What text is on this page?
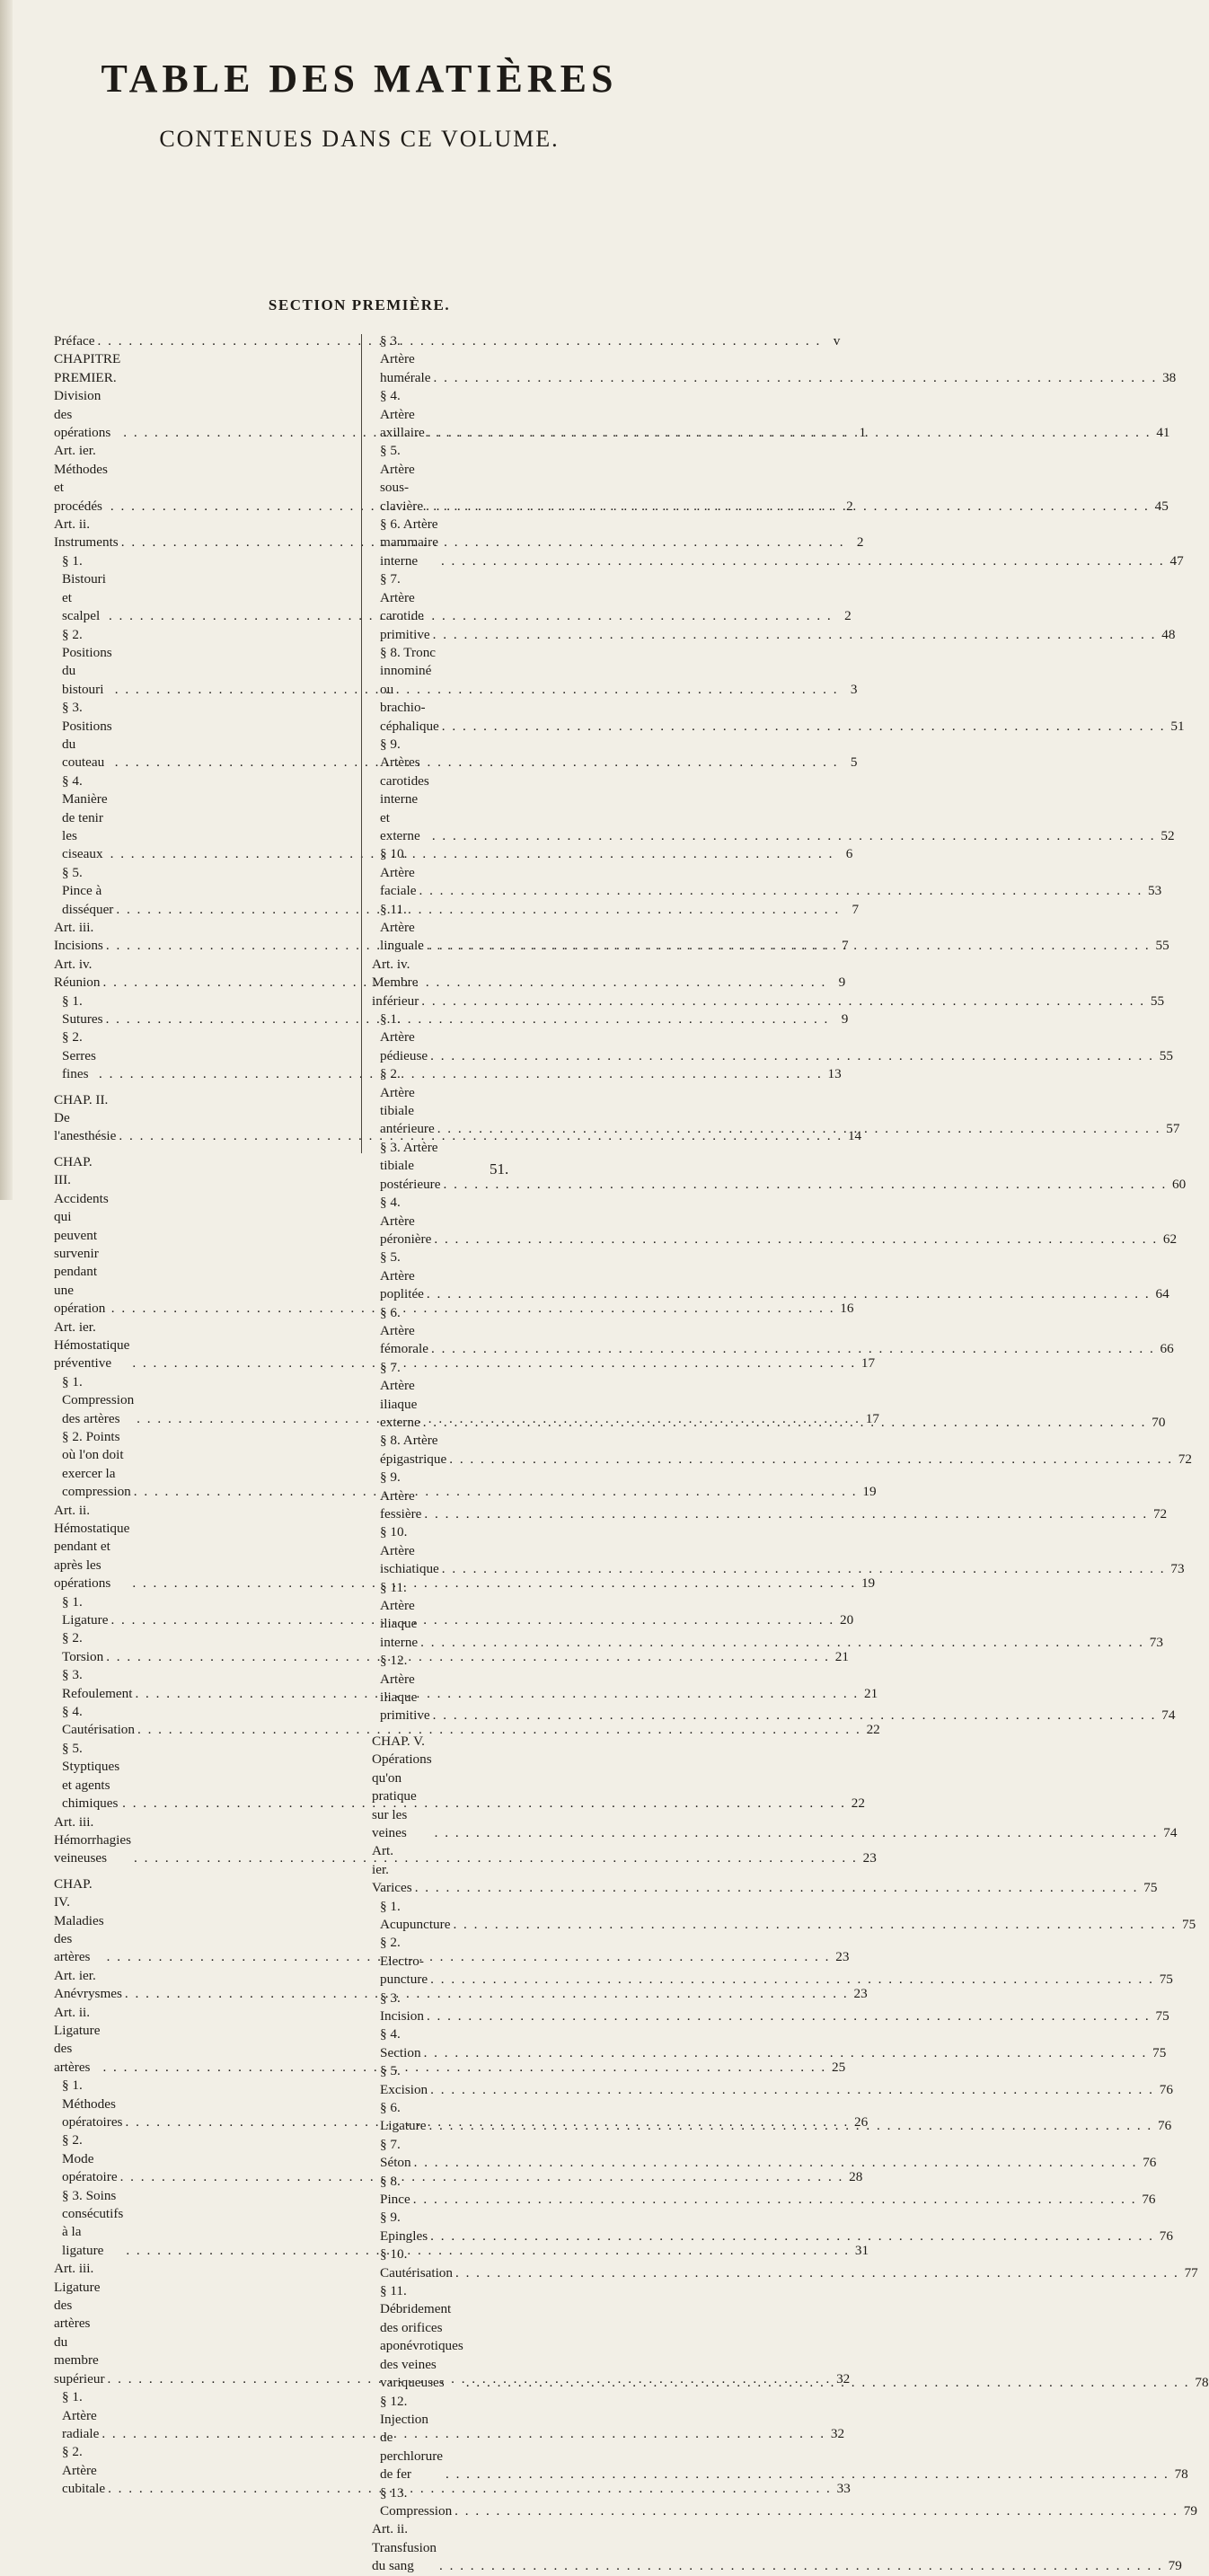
TABLE DES MATIÈRES
CONTENUES DANS CE VOLUME.
SECTION PREMIÈRE.
Préface . . .	v
CHAPITRE PREMIER. Division des opérations . . .	1
Art. ier. Méthodes et procédés . . .	2
Art. ii. Instruments . . .	2
§ 1. Bistouri et scalpel . . .	2
§ 2. Positions du bistouri . . .	3
§ 3. Positions du couteau . . .	5
§ 4. Manière de tenir les ciseaux . . .	6
§ 5. Pince à disséquer . . .	7
Art. iii. Incisions . . .	7
Art. iv. Réunion . . .	9
§ 1. Sutures . . .	9
§ 2. Serres fines . . .	13
CHAP. II. De l'anesthésie . . .	14
CHAP. III. Accidents qui peuvent survenir pendant une opération . . .	16
Art. ier. Hémostatique préventive . . .	17
§ 1. Compression des artères . . .	17
§ 2. Points où l'on doit exercer la compression . . .	19
Art. ii. Hémostatique pendant et après les opérations . . .	19
§ 1. Ligature . . .	20
§ 2. Torsion . . .	21
§ 3. Refoulement . . .	21
§ 4. Cautérisation . . .	22
§ 5. Styptiques et agents chimiques . . .	22
Art. iii. Hémorrhagies veineuses . . .	23
CHAP. IV. Maladies des artères . . .	23
Art. ier. Anévrysmes . . .	23
Art. ii. Ligature des artères . . .	25
§ 1. Méthodes opératoires . . .	26
§ 2. Mode opératoire . . .	28
§ 3. Soins consécutifs à la ligature . . .	31
Art. iii. Ligature des artères du membre supérieur . . .	32
§ 1. Artère radiale . . .	32
§ 2. Artère cubitale . . .	33
§ 3. Artère humérale . . .	38
§ 4. Artère axillaire . . .	41
§ 5. Artère sous-clavière . . .	45
§ 6. Artère mammaire interne . . .	47
§ 7. Artère carotide primitive . . .	48
§ 8. Tronc innominé ou brachio-céphalique . . .	51
§ 9. Artères carotides interne et externe . . .	52
§ 10. Artère faciale . . .	53
§ 11. Artère linguale . . .	55
Art. iv. Membre inférieur . . .	55
§ 1. Artère pédieuse . . .	55
§ 2. Artère tibiale antérieure . . .	57
§ 3. Artère tibiale postérieure . . .	60
§ 4. Artère péronière . . .	62
§ 5. Artère poplitée . . .	64
§ 6. Artère fémorale . . .	66
§ 7. Artère iliaque externe . . .	70
§ 8. Artère épigastrique . . .	72
§ 9. Artère fessière . . .	72
§ 10. Artère ischiatique . . .	73
§ 11. Artère iliaque interne . . .	73
§ 12. Artère iliaque primitive . . .	74
CHAP. V. Opérations qu'on pratique sur les veines . . .	74
Art. ier. Varices . . .	75
§ 1. Acupuncture . . .	75
§ 2. Electro-puncture . . .	75
§ 3. Incision . . .	75
§ 4. Section . . .	75
§ 5. Excision . . .	76
§ 6. Ligature . . .	76
§ 7. Séton . . .	76
§ 8. Pince . . .	76
§ 9. Epingles . . .	76
§ 10. Cautérisation . . .	77
§ 11. Débridement des orifices aponévrotiques des veines variqueuses . . .	78
§ 12. Injection de perchlorure de fer . . .	78
§ 13. Compression . . .	79
Art. ii. Transfusion du sang . . .	79
51.
